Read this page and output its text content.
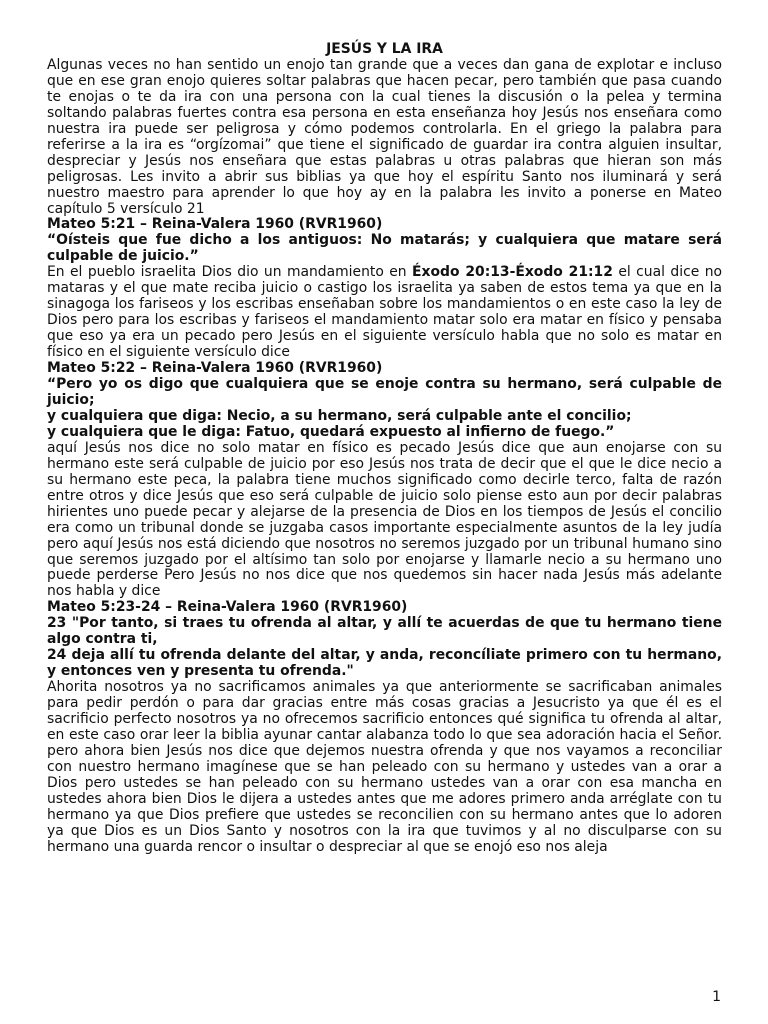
JESÚS Y LA IRA

Algunas veces no han sentido un enojo tan grande que a veces dan gana de explotar e incluso que en ese gran enojo quieres soltar palabras que hacen pecar, pero también que pasa cuando te enojas o te da ira con una persona con la cual tienes la discusión o la pelea y termina soltando palabras fuertes contra esa persona en esta enseñanza hoy Jesús nos enseñara como nuestra ira puede ser peligrosa y cómo podemos controlarla. En el griego la palabra para referirse a la ira es “orgízomai” que tiene el significado de guardar ira contra alguien insultar, despreciar y Jesús nos enseñara que estas palabras u otras palabras que hieran son más peligrosas. Les invito a abrir sus biblias ya que hoy el espíritu Santo nos iluminará y será nuestro maestro para aprender lo que hoy ay en la palabra les invito a ponerse en Mateo capítulo 5 versículo 21

Mateo 5:21 – Reina-Valera 1960 (RVR1960)

“Oísteis que fue dicho a los antiguos: No matarás; y cualquiera que matare será culpable de juicio.”

En el pueblo israelita Dios dio un mandamiento en Éxodo 20:13-Éxodo 21:12 el cual dice no mataras y el que mate reciba juicio o castigo los israelita ya saben de estos tema ya que en la sinagoga los fariseos y los escribas enseñaban sobre los mandamientos o en este caso la ley de Dios pero para los escribas y fariseos el mandamiento matar solo era matar en físico y pensaba que eso ya era un pecado pero Jesús en el siguiente versículo habla que no solo es matar en físico en el siguiente versículo dice

Mateo 5:22 – Reina-Valera 1960 (RVR1960)

“Pero yo os digo que cualquiera que se enoje contra su hermano, será culpable de juicio;

y cualquiera que diga: Necio, a su hermano, será culpable ante el concilio;

y cualquiera que le diga: Fatuo, quedará expuesto al infierno de fuego.”

aquí Jesús nos dice no solo matar en físico es pecado Jesús dice que aun enojarse con su hermano este será culpable de juicio por eso Jesús nos trata de decir que el que le dice necio a su hermano este peca, la palabra tiene muchos significado como decirle terco, falta de razón entre otros y dice Jesús que eso será culpable de juicio solo piense esto aun por decir palabras hirientes uno puede pecar y alejarse de la presencia de Dios en los tiempos de Jesús el concilio era como un tribunal donde se juzgaba casos importante especialmente asuntos de la ley judía pero aquí Jesús nos está diciendo que nosotros no seremos juzgado por un tribunal humano sino que seremos juzgado por el altísimo tan solo por enojarse y llamarle necio a su hermano uno puede perderse Pero Jesús no nos dice que nos quedemos sin hacer nada Jesús más adelante nos habla y dice

Mateo 5:23-24 – Reina-Valera 1960 (RVR1960)

23 "Por tanto, si traes tu ofrenda al altar, y allí te acuerdas de que tu hermano tiene algo contra ti,

24 deja allí tu ofrenda delante del altar, y anda, reconcíliate primero con tu hermano, y entonces ven y presenta tu ofrenda."

Ahorita nosotros ya no sacrificamos animales ya que anteriormente se sacrificaban animales para pedir perdón o para dar gracias entre más cosas gracias a Jesucristo ya que él es el sacrificio perfecto nosotros ya no ofrecemos sacrificio entonces qué significa tu ofrenda al altar, en este caso orar leer la biblia ayunar cantar alabanza todo lo que sea adoración hacia el Señor. pero ahora bien Jesús nos dice que dejemos nuestra ofrenda y que nos vayamos a reconciliar con nuestro hermano imagínese que se han peleado con su hermano y ustedes van a orar a Dios pero ustedes se han peleado con su hermano ustedes van a orar con esa mancha en ustedes ahora bien Dios le dijera a ustedes antes que me adores primero anda arréglate con tu hermano ya que Dios prefiere que ustedes se reconcilien con su hermano antes que lo adoren ya que Dios es un Dios Santo y nosotros con la ira que tuvimos y al no disculparse con su hermano una guarda rencor o insultar o despreciar al que se enojó eso nos aleja

1
